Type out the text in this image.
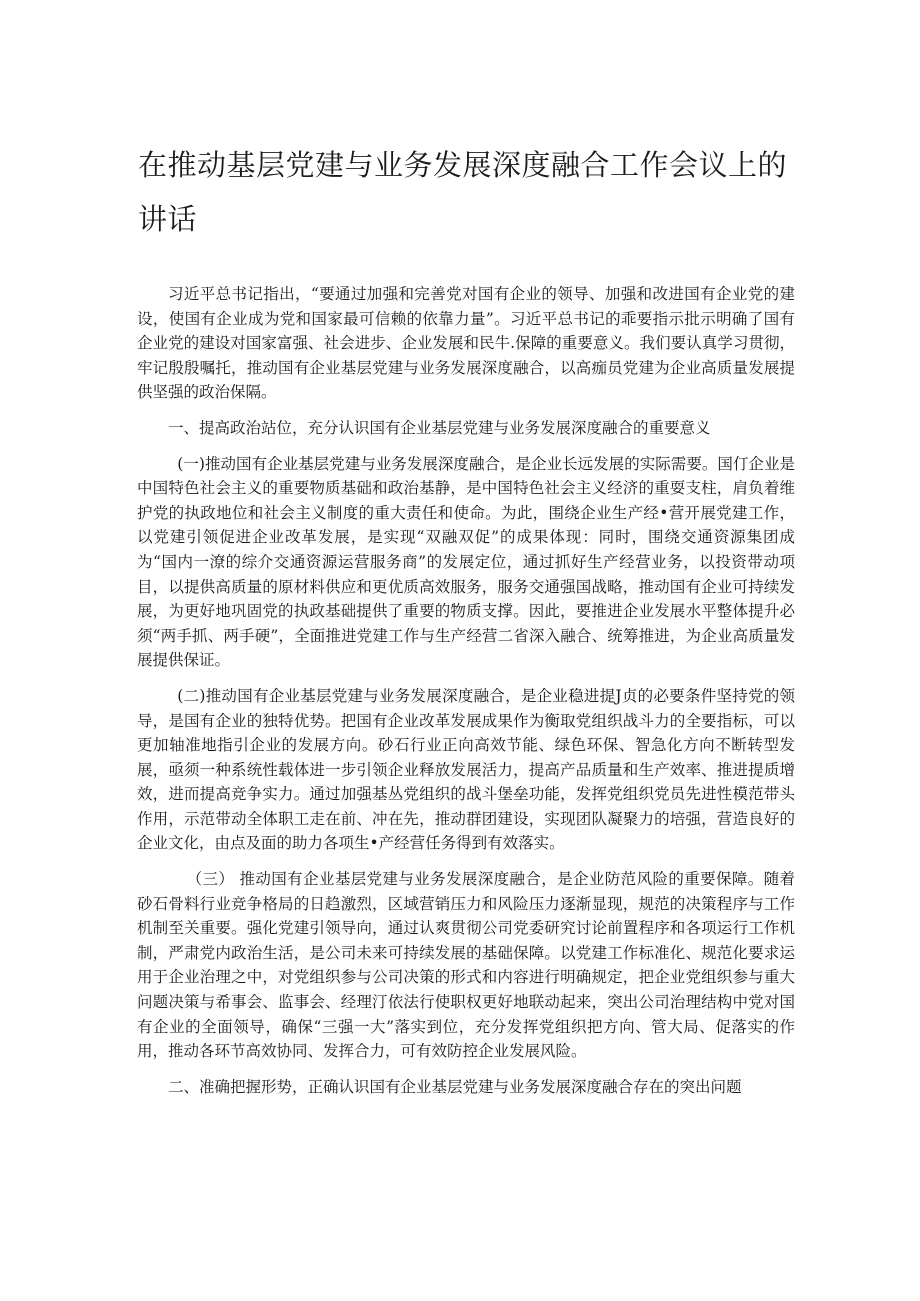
在推动基层党建与业务发展深度融合工作会议上的讲话

习近平总书记指出，“要通过加强和完善党对国有企业的领导、加强和改进国有企业党的建设，使国有企业成为党和国家最可信赖的依靠力量”。习近平总书记的乖要指示批示明确了国有企业党的建设对国家富强、社会进步、企业发展和民牛.保障的重要意义。我们要认真学习贯彻，牢记殷殷嘱托，推动国有企业基层党建与业务发展深度融合，以高痂员党建为企业高质量发展提供坚强的政治保隔。

一、提高政治站位，充分认识国有企业基层党建与业务发展深度融合的重要意义

(一)推动国有企业基层党建与业务发展深度融合，是企业长远发展的实际需要。国仃企业是中国特色社会主义的重要物质基础和政治基静，是中国特色社会主义经济的重耍支柱，肩负着维护党的执政地位和社会主义制度的重大责任和使命。为此，围绕企业生产经•营开展党建工作，以党建引领促进企业改革发展，是实现“双融双促”的成果体现：同时，围绕交通资源集团成为“国内一潦的综介交通资源运营服务商”的发展定位，通过抓好生产经营业务，以投资带动项目，以提供高质量的原材料供应和更优质高效服务，服务交通强国战略，推动国有企业可持续发展，为更好地巩固党的执政基础提供了重要的物质支撑。因此，要推进企业发展水平整体提升必须“两手抓、两手硬”，全面推进党建工作与生产经营二省深入融合、统筹推进，为企业高质量发展提供保证。

(二)推动国有企业基层党建与业务发展深度融合，是企业稳进提J贞的必要条件坚持党的领导，是国有企业的独特优势。把国有企业改革发展成果作为衡取党组织战斗力的全要指标，可以更加轴准地指引企业的发展方向。砂石行业正向高效节能、绿色环保、智急化方向不断转型发展，亟须一种系统性载体进一步引领企业释放发展活力，提高产品质量和生产效率、推进提质增效，进而提高竞争实力。通过加强基丛党组织的战斗堡垒功能，发挥党组织党员先进性模范带头作用，示范带动全体职工走在前、冲在先，推动群团建设，实现团队凝聚力的培强，营造良好的企业文化，由点及面的助力各项生•产经营任务得到有效落实。

（三） 推动国有企业基层党建与业务发展深度融合，是企业防范风险的重要保障。随着砂石骨料行业竞争格局的日趋激烈，区域营销压力和风险压力逐渐显现，规范的决策程序与工作机制至关重要。强化党建引领导向，通过认爽贯彻公司党委研究讨论前置程序和各项运行工作机制，严肃党内政治生活，是公司未来可持续发展的基础保障。以党建工作标准化、规范化要求运用于企业治理之中，对党组织参与公司决策的形式和内容进行明确规定，把企业党组织参与重大问题决策与希事会、监事会、经理汀依法行使职权更好地联动起来，突出公司治理结构中党对国有企业的全面领导，确保“三强一大”落实到位，充分发挥党组织把方向、管大局、促落实的作用，推动各环节高效协同、发挥合力，可有效防控企业发展风险。

二、准确把握形势，正确认识国有企业基层党建与业务发展深度融合存在的突出问题
